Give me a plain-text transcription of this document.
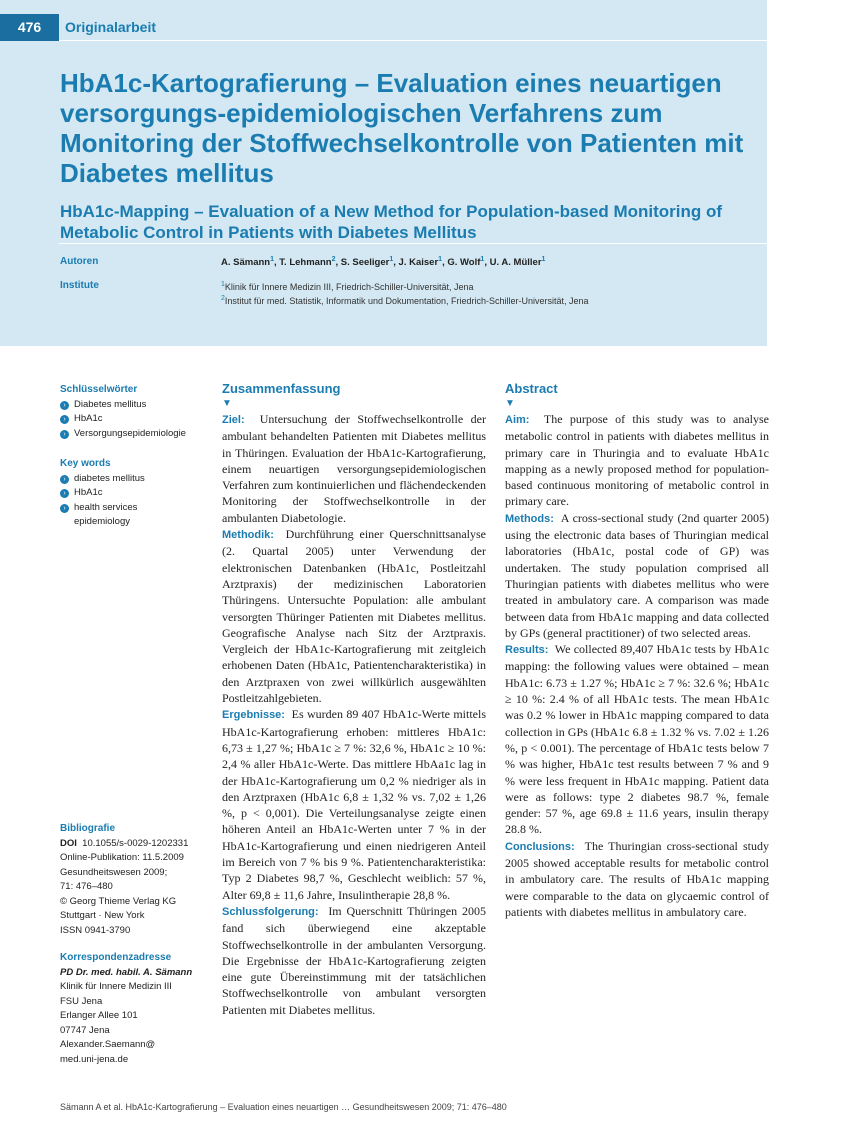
476	Originalarbeit
HbA1c-Kartografierung – Evaluation eines neuartigen versorgungs-epidemiologischen Verfahrens zum Monitoring der Stoffwechselkontrolle von Patienten mit Diabetes mellitus
HbA1c-Mapping – Evaluation of a New Method for Population-based Monitoring of Metabolic Control in Patients with Diabetes Mellitus
Autoren	A. Sämann$^1$, T. Lehmann$^2$, S. Seeliger$^1$, J. Kaiser$^1$, G. Wolf$^1$, U. A. Müller$^1$
Institute	$^1$Klinik für Innere Medizin III, Friedrich-Schiller-Universität, Jena
$^2$Institut für med. Statistik, Informatik und Dokumentation, Friedrich-Schiller-Universität, Jena
Schlüsselwörter
› Diabetes mellitus
› HbA1c
› Versorgungsepidemiologie
Key words
› diabetes mellitus
› HbA1c
› health services epidemiology
Bibliografie

DOI 10.1055/s-0029-1202331

Online-Publikation: 11.5.2009

Gesundheitswesen 2009;

71: 476–480

© Georg Thieme Verlag KG

Stuttgart · New York

ISSN 0941-3790

Korrespondenzadresse

PD Dr. med. habil. A. Sämann

Klinik für Innere Medizin III

FSU Jena

Erlanger Allee 101

07747 Jena

Alexander.Saemann@

med.uni-jena.de

Zusammenfassung

▼

Ziel: Untersuchung der Stoffwechselkontrolle der ambulant behandelten Patienten mit Diabetes mellitus in Thüringen. Evaluation der HbA1c-Kartografierung, einem neuartigen versorgungsepidemiologischen Verfahren zum kontinuierlichen und flächendeckenden Monitoring der Stoffwechselkontrolle in der ambulanten Diabetologie.
Methodik: Durchführung einer Querschnittsanalyse (2. Quartal 2005) unter Verwendung der elektronischen Datenbanken (HbA1c, Postleitzahl Arztpraxis) der medizinischen Laboratorien Thüringens. Untersuchte Population: alle ambulant versorgten Thüringer Patienten mit Diabetes mellitus. Geografische Analyse nach Sitz der Arztpraxis. Vergleich der HbA1c-Kartografierung mit zeitgleich erhobenen Daten (HbA1c, Patientencharakteristika) in den Arztpraxen von zwei willkürlich ausgewählten Postleitzahlgebieten.
Ergebnisse: Es wurden 89 407 HbA1c-Werte mittels HbA1c-Kartografierung erhoben: mittleres HbA1c: 6,73 ± 1,27 %; HbA1c ≥ 7 %: 32,6 %, HbA1c ≥ 10 %: 2,4 % aller HbA1c-Werte. Das mittlere HbAa1c lag in der HbA1c-Kartografierung um 0,2 % niedriger als in den Arztpraxen (HbA1c 6,8 ± 1,32 % vs. 7,02 ± 1,26 %, p < 0,001). Die Verteilungsanalyse zeigte einen höheren Anteil an HbA1c-Werten unter 7 % in der HbA1c-Kartografierung und einen niedrigeren Anteil im Bereich von 7 % bis 9 %. Patientencharakteristika: Typ 2 Diabetes 98,7 %, Geschlecht weiblich: 57 %, Alter 69,8 ± 11,6 Jahre, Insulintherapie 28,8 %.
Schlussfolgerung: Im Querschnitt Thüringen 2005 fand sich überwiegend eine akzeptable Stoffwechselkontrolle in der ambulanten Versorgung. Die Ergebnisse der HbA1c-Kartografierung zeigten eine gute Übereinstimmung mit der tatsächlichen Stoffwechselkontrolle von ambulant versorgten Patienten mit Diabetes mellitus.

Abstract

▼

Aim: The purpose of this study was to analyse metabolic control in patients with diabetes mellitus in primary care in Thuringia and to evaluate HbA1c mapping as a newly proposed method for population-based continuous monitoring of metabolic control in primary care.
Methods: A cross-sectional study (2nd quarter 2005) using the electronic data bases of Thuringian medical laboratories (HbA1c, postal code of GP) was undertaken. The study population comprised all Thuringian patients with diabetes mellitus who were treated in ambulatory care. A comparison was made between data from HbA1c mapping and data collected by GPs (general practitioner) of two selected areas.
Results: We collected 89,407 HbA1c tests by HbA1c mapping: the following values were obtained – mean HbA1c: 6.73 ± 1.27 %; HbA1c ≥ 7 %: 32.6 %; HbA1c ≥ 10 %: 2.4 % of all HbA1c tests. The mean HbA1c was 0.2 % lower in HbA1c mapping compared to data collection in GPs (HbA1c 6.8 ± 1.32 % vs. 7.02 ± 1.26 %, p < 0.001). The percentage of HbA1c tests below 7 % was higher, HbA1c test results between 7 % and 9 % were less frequent in HbA1c mapping. Patient data were as follows: type 2 diabetes 98.7 %, female gender: 57 %, age 69.8 ± 11.6 years, insulin therapy 28.8 %.
Conclusions: The Thuringian cross-sectional study 2005 showed acceptable results for metabolic control in ambulatory care. The results of HbA1c mapping were comparable to the data on glycaemic control of patients with diabetes mellitus in ambulatory care.

Sämann A et al. HbA1c-Kartografierung – Evaluation eines neuartigen … Gesundheitswesen 2009; 71: 476–480
